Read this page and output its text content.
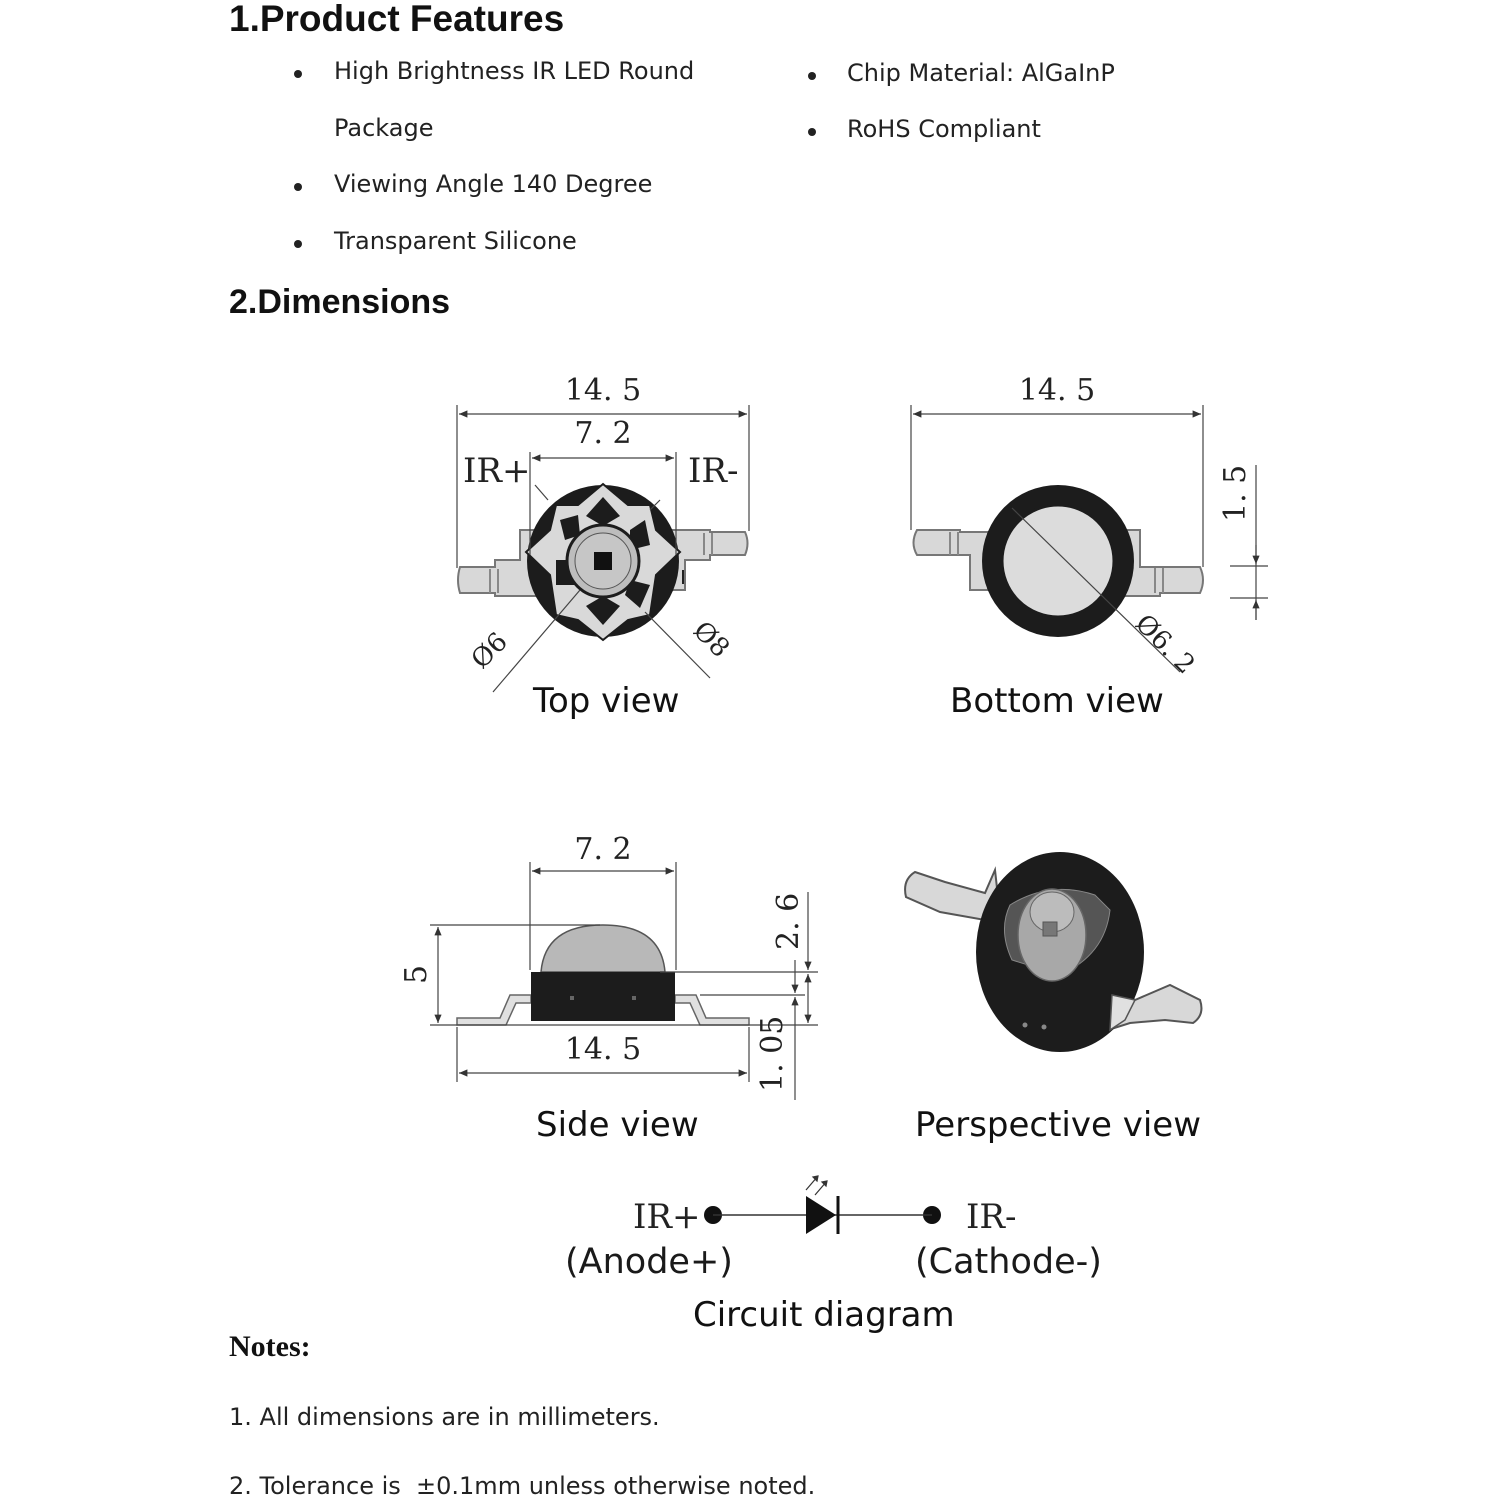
1.Product Features
High Brightness IR LED Round
Package
Viewing Angle 140 Degree
Transparent Silicone
Chip Material: AlGaInP
RoHS Compliant
2.Dimensions
14. 5
7. 2
IR+	IR-
Ø6	Ø8
14. 5
1. 5
Ø6. 2
7. 2
14. 5
5
2. 6
1. 05
IR+	IR-
Top view	Bottom view
Side view	Perspective view
(Anode+)	(Cathode-)
Circuit diagram
Notes:
1. All dimensions are in millimeters.
2. Tolerance is  ±0.1mm unless otherwise noted.
